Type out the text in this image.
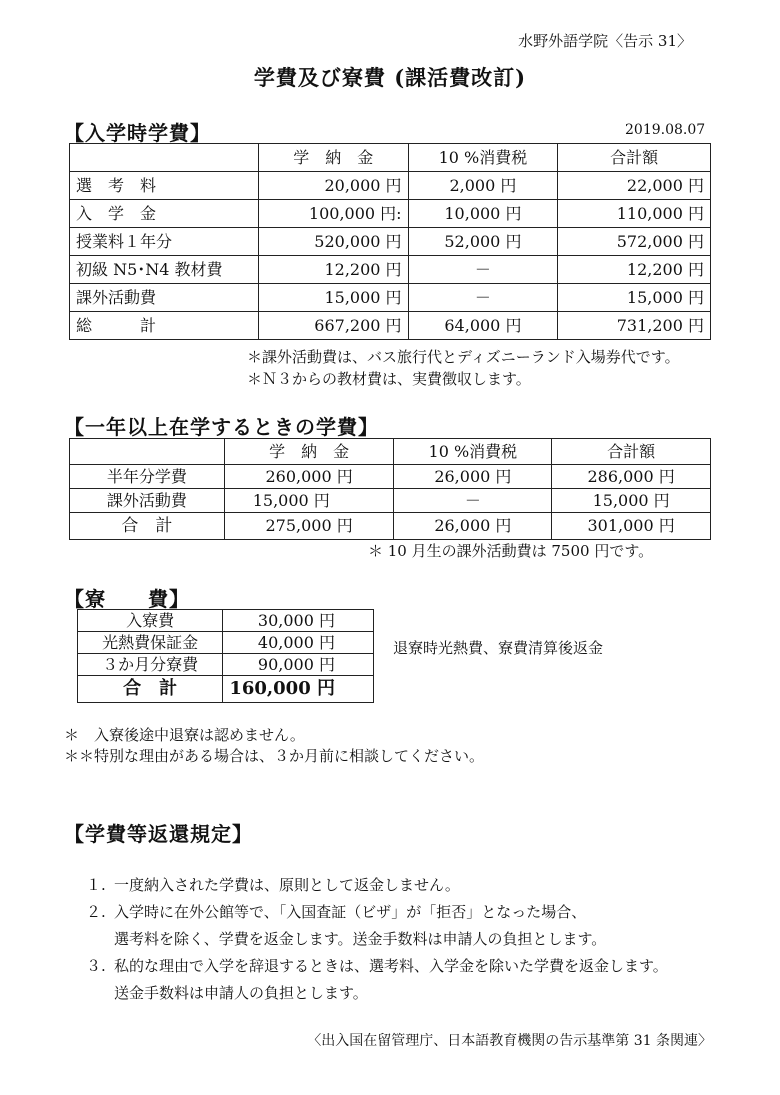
水野外語学院〈告示 31〉
学費及び寮費 (課活費改訂)
【入学時学費】	2019.08.07
	学　納　金	10 %消費税	合計額
選　考　料	20,000 円	2,000 円	22,000 円
入　学　金	100,000 円:	10,000 円	110,000 円
授業料１年分	520,000 円	52,000 円	572,000 円
初級 N5･N4 教材費	12,200 円	－	12,200 円
課外活動費	15,000 円	－	15,000 円
総　　　計	667,200 円	64,000 円	731,200 円
＊課外活動費は、バス旅行代とディズニーランド入場券代です。
＊Ｎ３からの教材費は、実費徴収します。
【一年以上在学するときの学費】
	学　納　金	10 %消費税	合計額
半年分学費	260,000 円	26,000 円	286,000 円
課外活動費	15,000 円	－	15,000 円
合　計	275,000 円	26,000 円	301,000 円
＊ 10 月生の課外活動費は 7500 円です。
【寮　　費】
入寮費	30,000 円
光熱費保証金	40,000 円
３か月分寮費	90,000 円
合　計	160,000 円
退寮時光熱費、寮費清算後返金
＊　入寮後途中退寮は認めません。
＊＊特別な理由がある場合は、３か月前に相談してください。
【学費等返還規定】
１. 一度納入された学費は、原則として返金しません。
２. 入学時に在外公館等で、「入国査証（ビザ」が「拒否」となった場合、
選考料を除く、学費を返金します。送金手数料は申請人の負担とします。
３. 私的な理由で入学を辞退するときは、選考料、入学金を除いた学費を返金します。
送金手数料は申請人の負担とします。
〈出入国在留管理庁、日本語教育機関の告示基準第 31 条関連〉
